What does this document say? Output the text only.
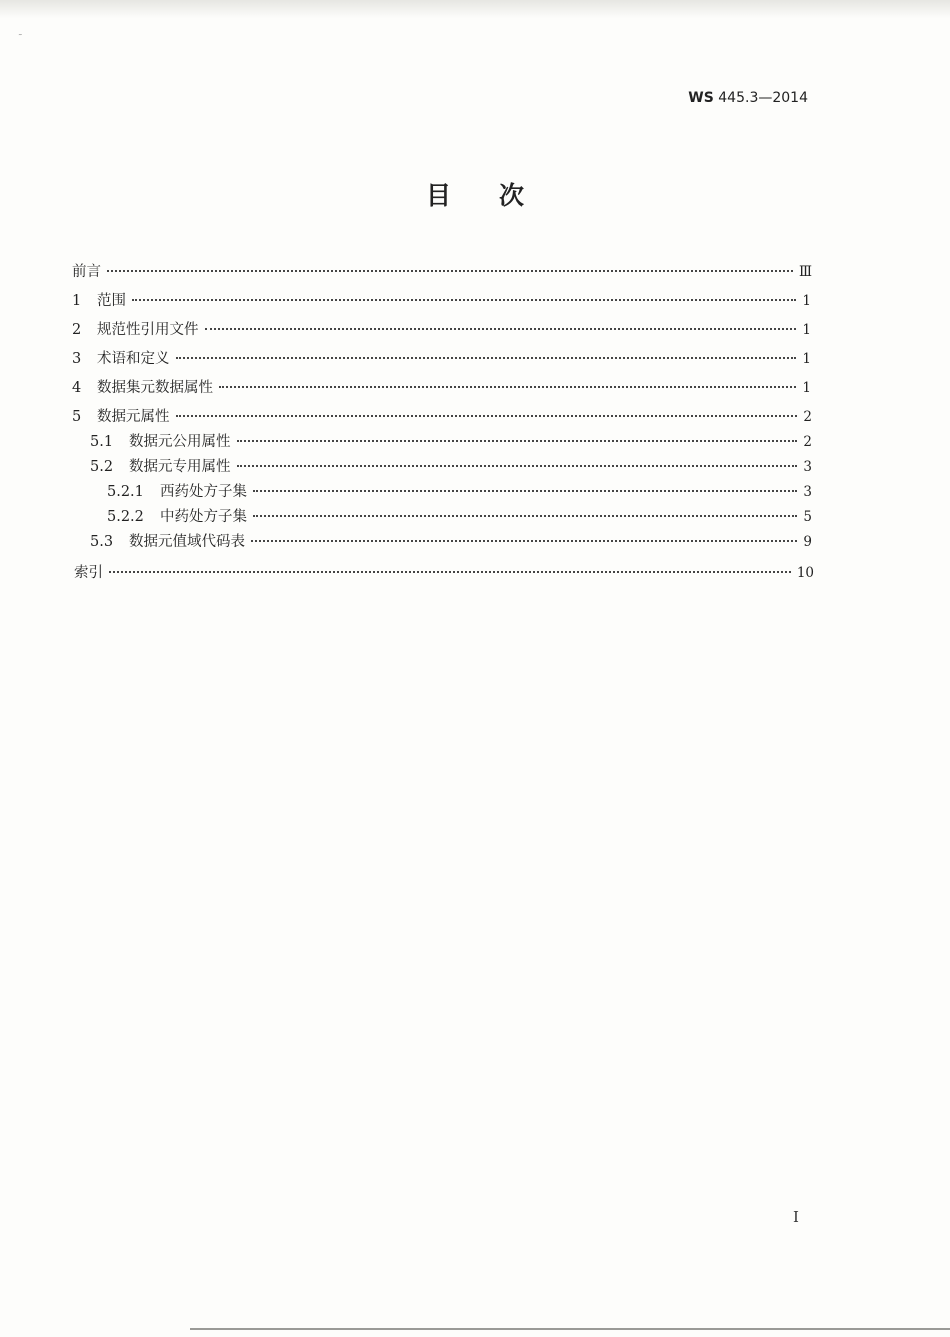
˜
WS 445.3—2014
目次
前言	Ⅲ
1	范围	1
2	规范性引用文件	1
3	术语和定义	1
4	数据集元数据属性	1
5	数据元属性	2
5.1	数据元公用属性	2
5.2	数据元专用属性	3
5.2.1	西药处方子集	3
5.2.2	中药处方子集	5
5.3	数据元值域代码表	9
索引	10
I
